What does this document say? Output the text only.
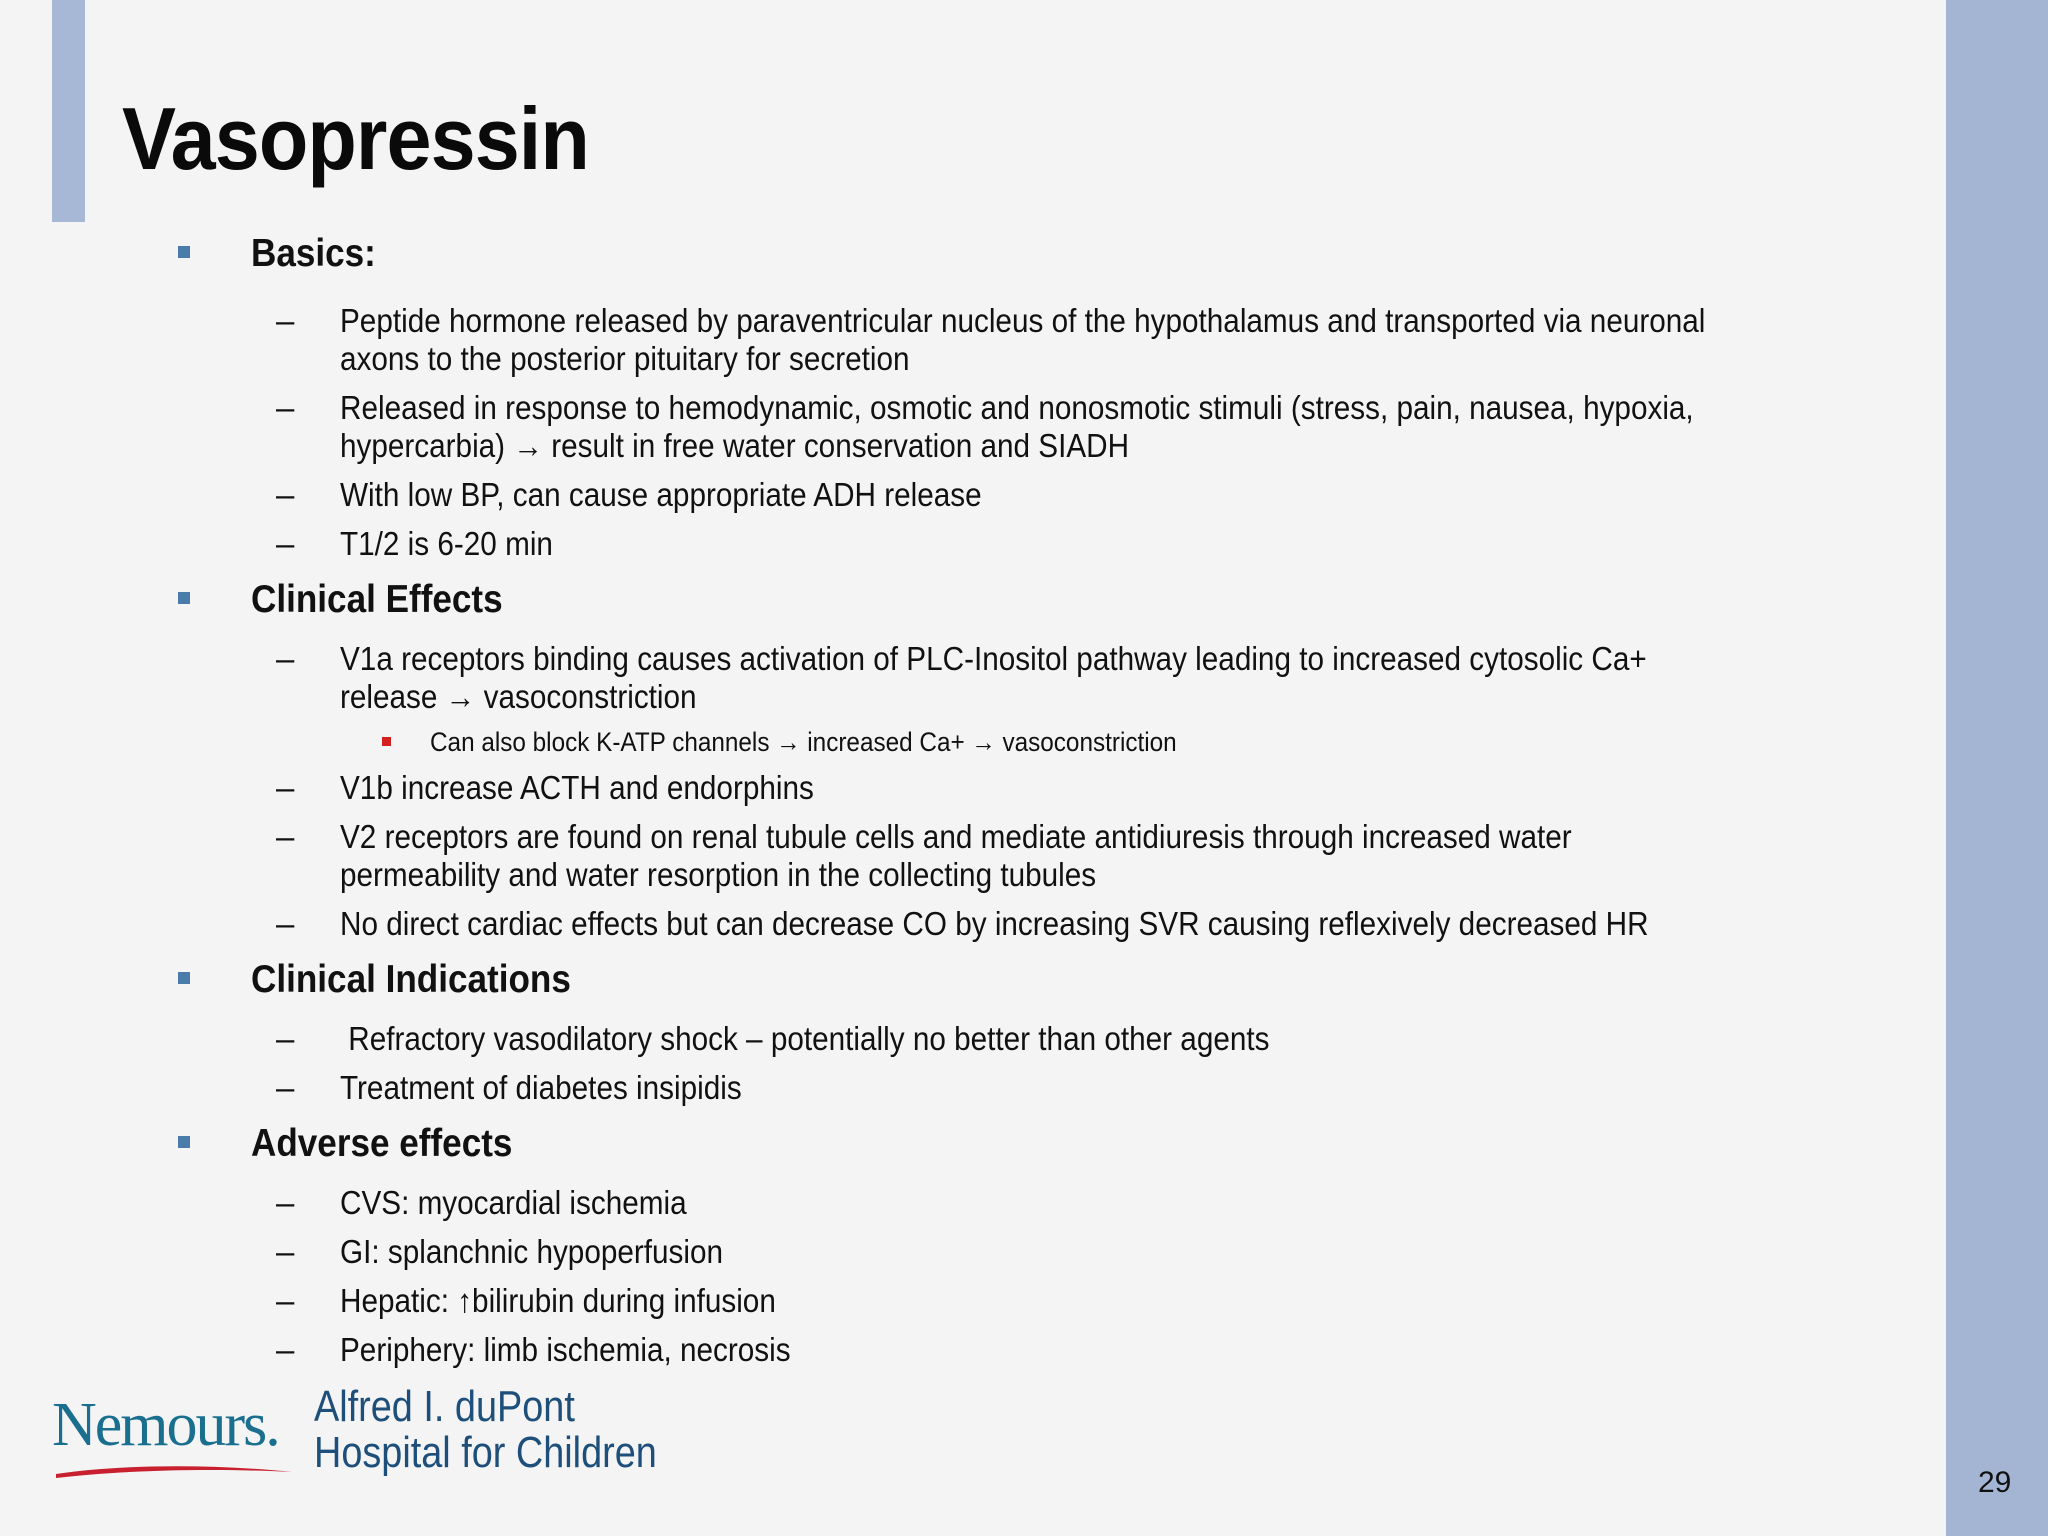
Vasopressin
Basics:
– Peptide hormone released by paraventricular nucleus of the hypothalamus and transported via neuronal axons to the posterior pituitary for secretion
– Released in response to hemodynamic, osmotic and nonosmotic stimuli (stress, pain, nausea, hypoxia, hypercarbia) → result in free water conservation and SIADH
– With low BP, can cause appropriate ADH release
– T1/2 is 6-20 min
Clinical Effects
– V1a receptors binding causes activation of PLC-Inositol pathway leading to increased cytosolic Ca+ release → vasoconstriction
Can also block K-ATP channels → increased Ca+ → vasoconstriction
– V1b increase ACTH and endorphins
– V2 receptors are found on renal tubule cells and mediate antidiuresis through increased water permeability and water resorption in the collecting tubules
– No direct cardiac effects but can decrease CO by increasing SVR causing reflexively decreased HR
Clinical Indications
– Refractory vasodilatory shock – potentially no better than other agents
– Treatment of diabetes insipidis
Adverse effects
– CVS: myocardial ischemia
– GI: splanchnic hypoperfusion
– Hepatic: ↑bilirubin during infusion
– Periphery: limb ischemia, necrosis
Nemours. Alfred I. duPont
Hospital for Children
29
